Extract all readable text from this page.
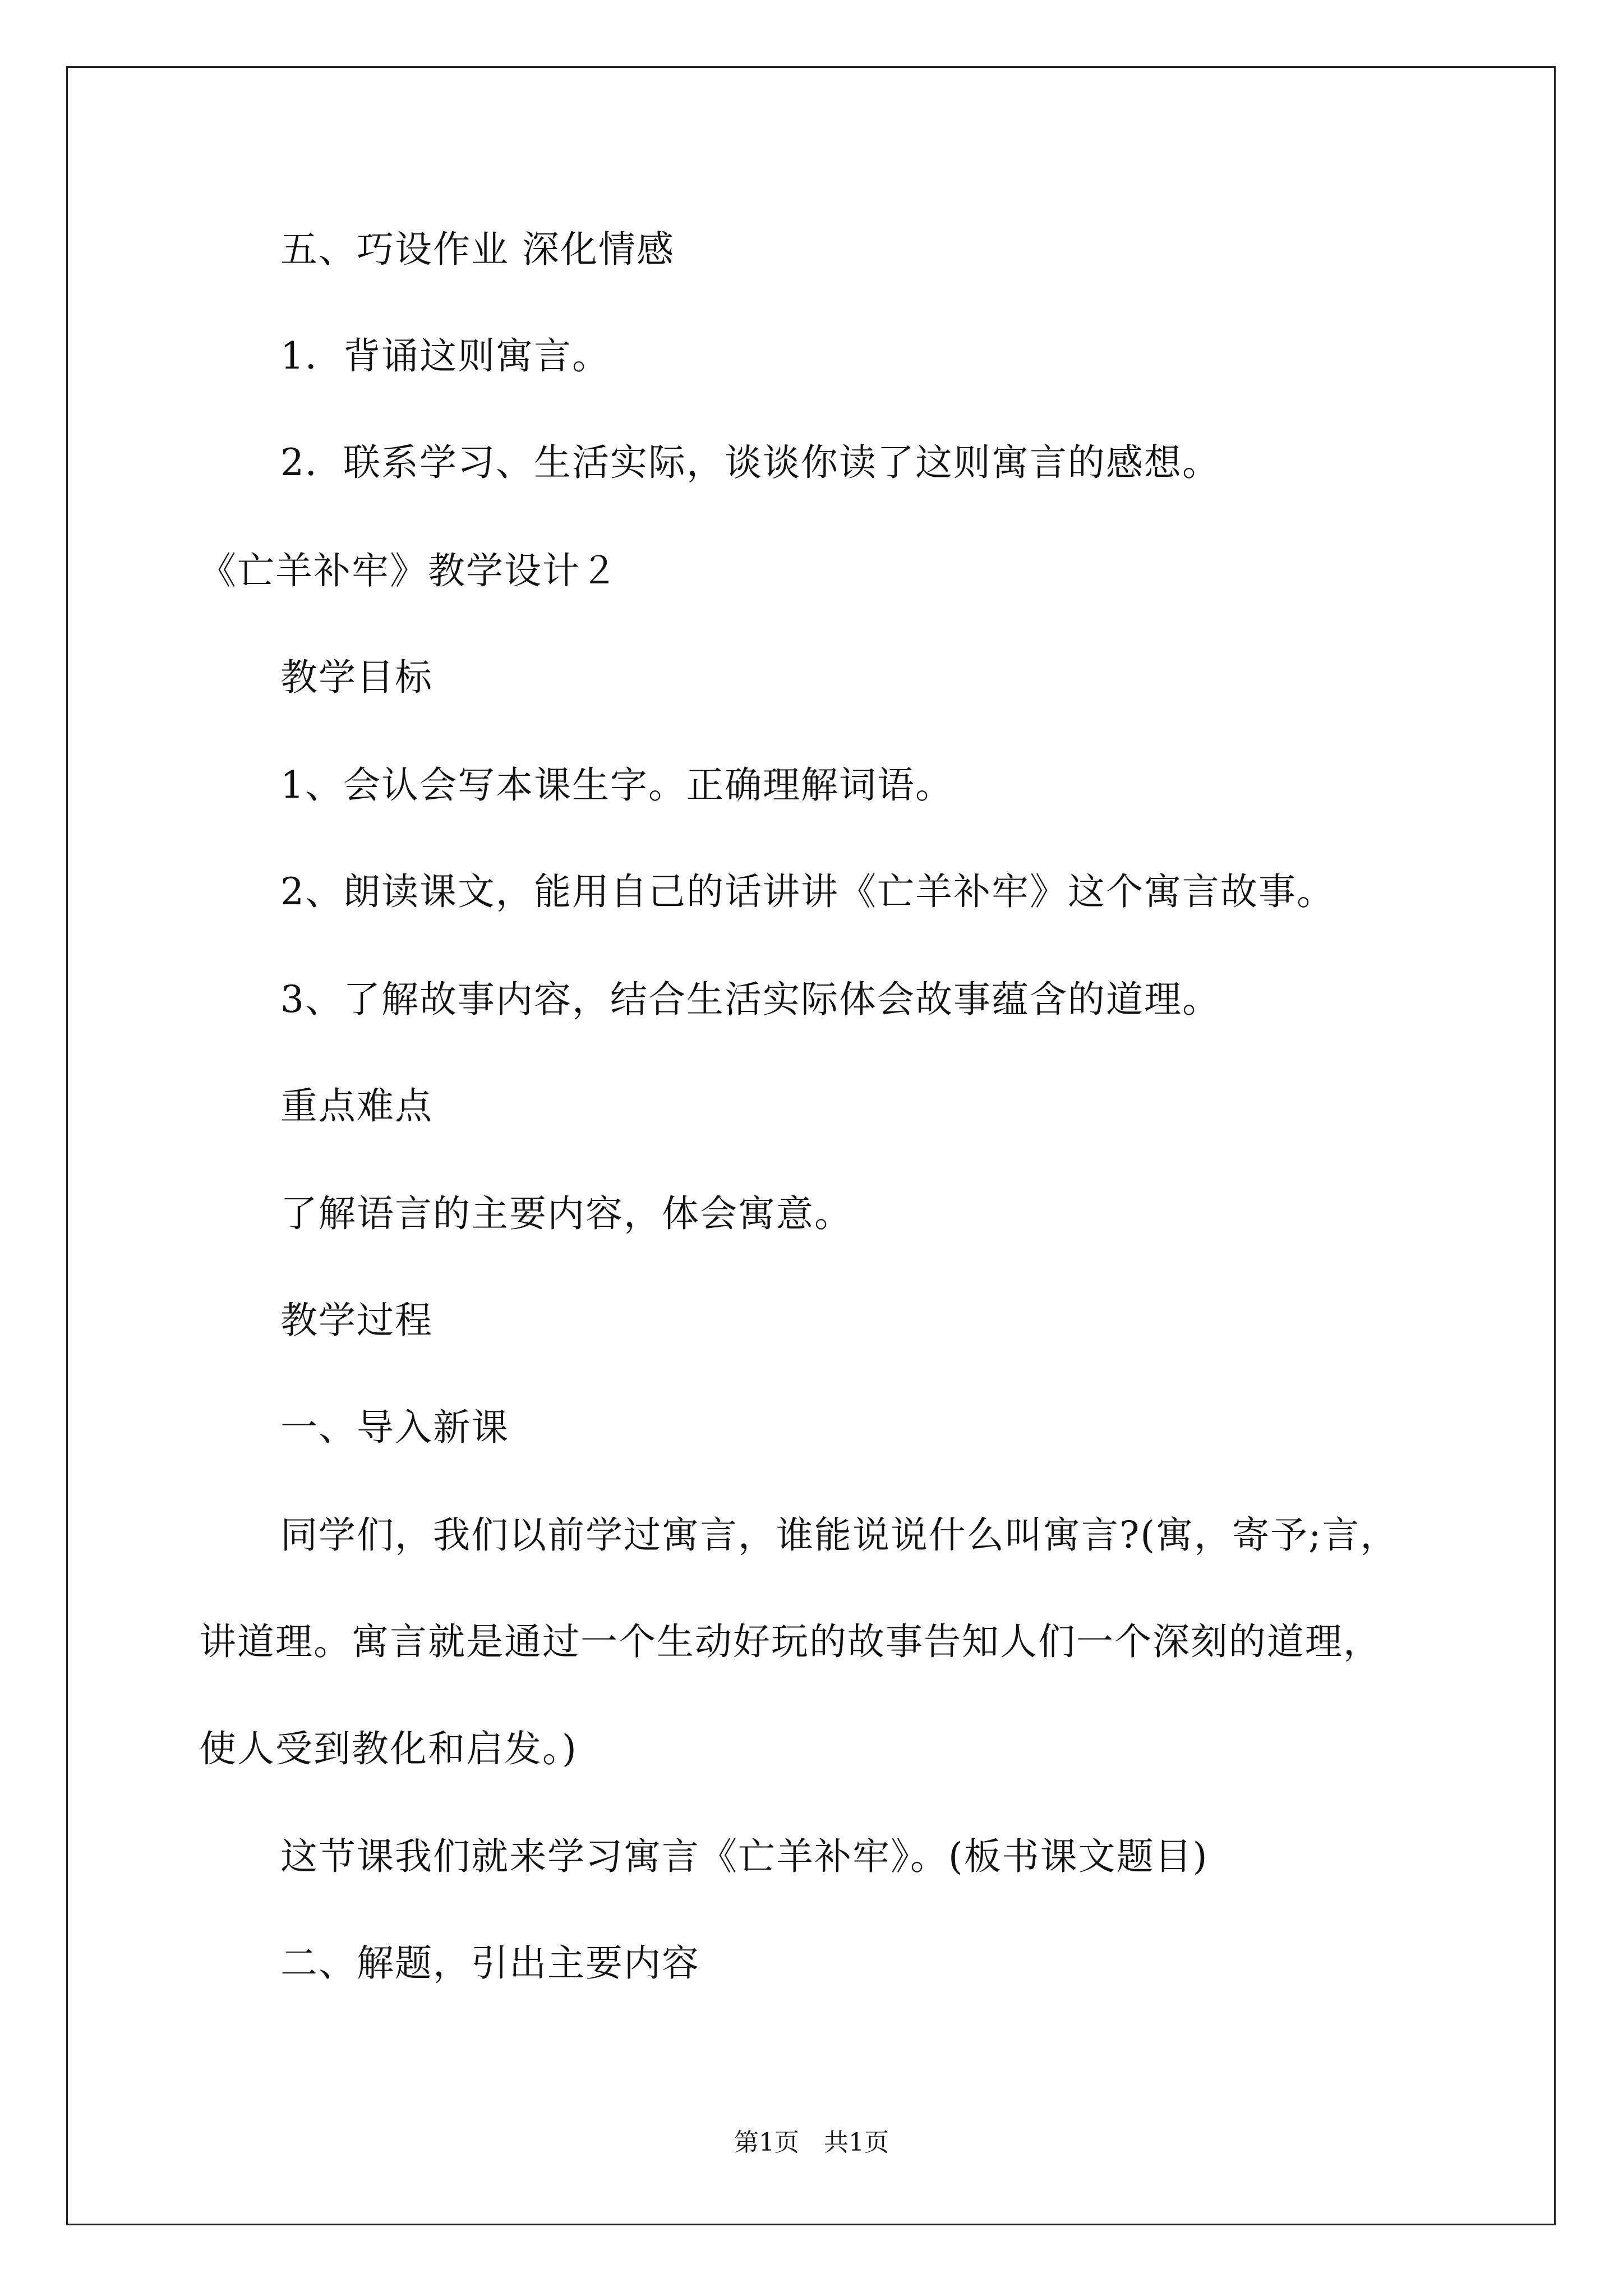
五、巧设作业 深化情感
1．背诵这则寓言。
2．联系学习、生活实际，谈谈你读了这则寓言的感想。
《亡羊补牢》教学设计２
教学目标
1、会认会写本课生字。正确理解词语。
2、朗读课文，能用自己的话讲讲《亡羊补牢》这个寓言故事。
3、了解故事内容，结合生活实际体会故事蕴含的道理。
重点难点
了解语言的主要内容，体会寓意。
教学过程
一、导入新课
同学们，我们以前学过寓言，谁能说说什么叫寓言?(寓，寄予;言，
讲道理。寓言就是通过一个生动好玩的故事告知人们一个深刻的道理，
使人受到教化和启发。)
这节课我们就来学习寓言《亡羊补牢》。(板书课文题目)
二、解题，引出主要内容
第1页　共1页
